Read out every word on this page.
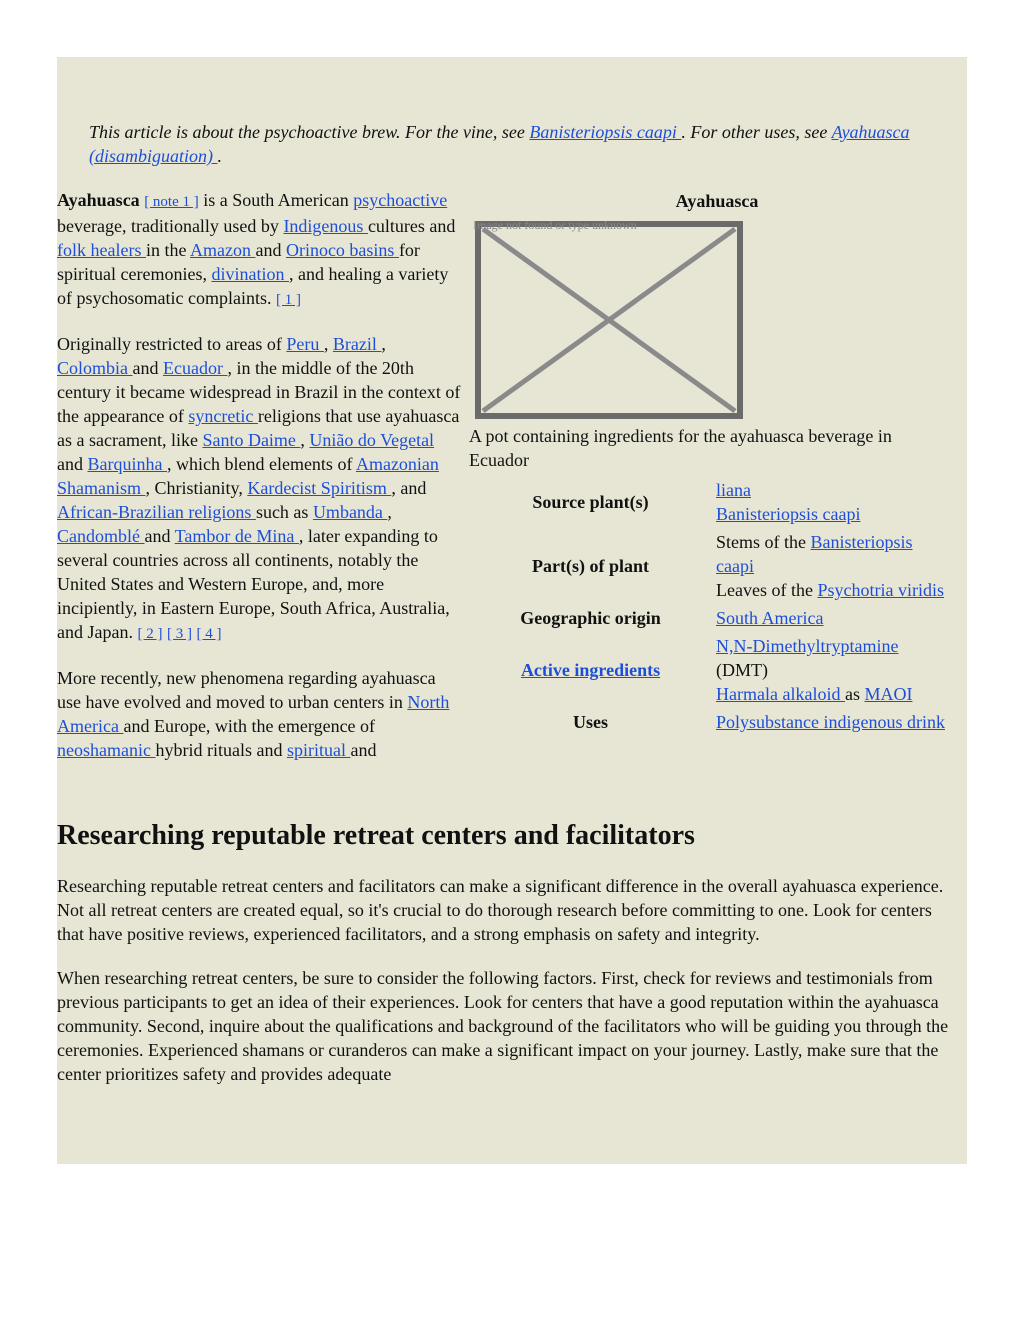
This article is about the psychoactive brew. For the vine, see Banisteriopsis caapi . For other uses, see Ayahuasca (disambiguation) .

Ayahuasca [ note 1 ] is a South American psychoactive beverage, traditionally used by Indigenous cultures and folk healers in the Amazon and Orinoco basins for spiritual ceremonies, divination , and healing a variety of psychosomatic complaints. [ 1 ]

Originally restricted to areas of Peru , Brazil , Colombia and Ecuador , in the middle of the 20th century it became widespread in Brazil in the context of the appearance of syncretic religions that use ayahuasca as a sacrament, like Santo Daime , União do Vegetal and Barquinha , which blend elements of Amazonian Shamanism , Christianity, Kardecist Spiritism , and African-Brazilian religions such as Umbanda , Candomblé and Tambor de Mina , later expanding to several countries across all continents, notably the United States and Western Europe, and, more incipiently, in Eastern Europe, South Africa, Australia, and Japan. [ 2 ] [ 3 ] [ 4 ]

More recently, new phenomena regarding ayahuasca use have evolved and moved to urban centers in North America and Europe, with the emergence of neoshamanic hybrid rituals and spiritual and

Ayahuasca
Image not found or type unknown
A pot containing ingredients for the ayahuasca beverage in Ecuador
Source plant(s)	liana
Banisteriopsis caapi
Part(s) of plant	Stems of the Banisteriopsis caapi
Leaves of the Psychotria viridis
Geographic origin	South America
Active ingredients	N,N-Dimethyltryptamine (DMT)
Harmala alkaloid as MAOI
Uses	Polysubstance indigenous drink
Researching reputable retreat centers and facilitators

Researching reputable retreat centers and facilitators can make a significant difference in the overall ayahuasca experience. Not all retreat centers are created equal, so it's crucial to do thorough research before committing to one. Look for centers that have positive reviews, experienced facilitators, and a strong emphasis on safety and integrity.

When researching retreat centers, be sure to consider the following factors. First, check for reviews and testimonials from previous participants to get an idea of their experiences. Look for centers that have a good reputation within the ayahuasca community. Second, inquire about the qualifications and background of the facilitators who will be guiding you through the ceremonies. Experienced shamans or curanderos can make a significant impact on your journey. Lastly, make sure that the center prioritizes safety and provides adequate
